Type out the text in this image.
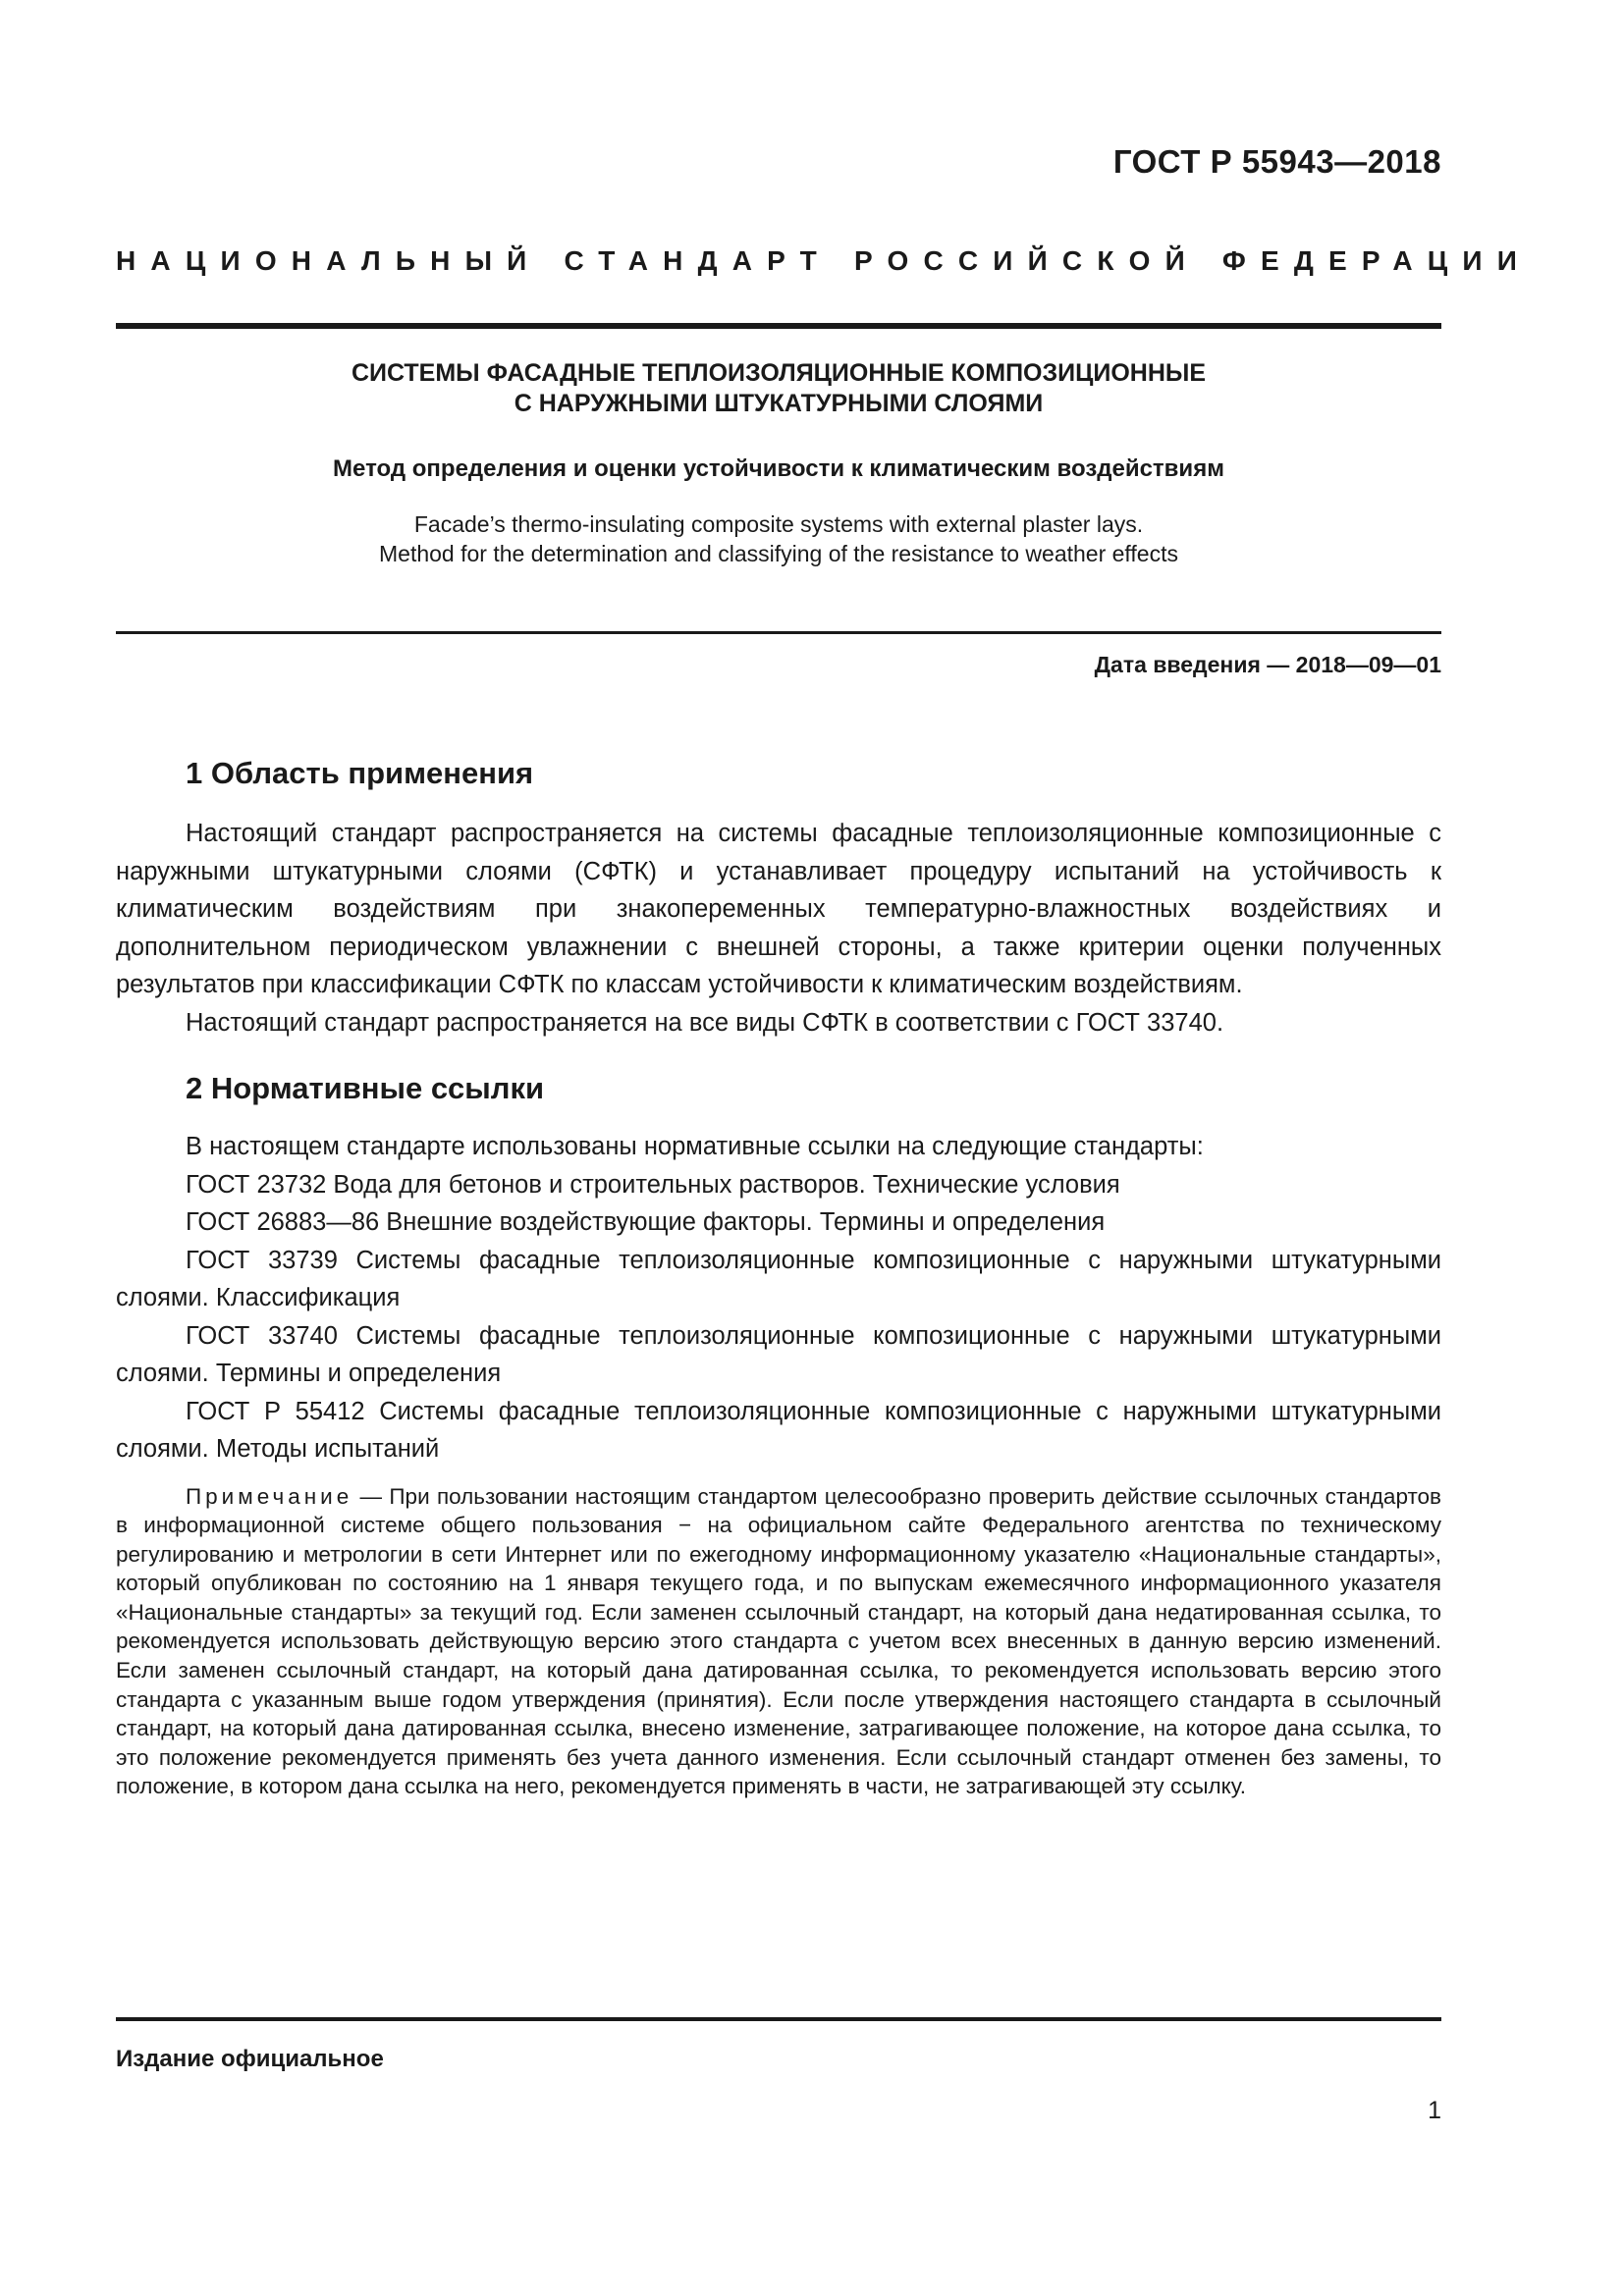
ГОСТ Р 55943—2018
НАЦИОНАЛЬНЫЙ СТАНДАРТ РОССИЙСКОЙ ФЕДЕРАЦИИ

СИСТЕМЫ ФАСАДНЫЕ ТЕПЛОИЗОЛЯЦИОННЫЕ КОМПОЗИЦИОННЫЕ
С НАРУЖНЫМИ ШТУКАТУРНЫМИ СЛОЯМИ

Метод определения и оценки устойчивости к климатическим воздействиям

Facade’s thermo-insulating composite systems with external plaster lays.
Method for the determination and classifying of the resistance to weather effects

Дата введения — 2018—09—01
1 Область применения

Настоящий стандарт распространяется на системы фасадные теплоизоляционные композиционные с наружными штукатурными слоями (СФТК) и устанавливает процедуру испытаний на устойчивость к климатическим воздействиям при знакопеременных температурно-влажностных воздействиях и дополнительном периодическом увлажнении с внешней стороны, а также критерии оценки полученных результатов при классификации СФТК по классам устойчивости к климатическим воздействиям.

Настоящий стандарт распространяется на все виды СФТК в соответствии с ГОСТ 33740.

2 Нормативные ссылки

В настоящем стандарте использованы нормативные ссылки на следующие стандарты:

ГОСТ 23732 Вода для бетонов и строительных растворов. Технические условия

ГОСТ 26883—86 Внешние воздействующие факторы. Термины и определения

ГОСТ 33739 Системы фасадные теплоизоляционные композиционные с наружными штукатурными слоями. Классификация

ГОСТ 33740 Системы фасадные теплоизоляционные композиционные с наружными штукатурными слоями. Термины и определения

ГОСТ Р 55412 Системы фасадные теплоизоляционные композиционные с наружными штукатурными слоями. Методы испытаний

Примечание — При пользовании настоящим стандартом целесообразно проверить действие ссылочных стандартов в информационной системе общего пользования − на официальном сайте Федерального агентства по техническому регулированию и метрологии в сети Интернет или по ежегодному информационному указателю «Национальные стандарты», который опубликован по состоянию на 1 января текущего года, и по выпускам ежемесячного информационного указателя «Национальные стандарты» за текущий год. Если заменен ссылочный стандарт, на который дана недатированная ссылка, то рекомендуется использовать действующую версию этого стандарта с учетом всех внесенных в данную версию изменений. Если заменен ссылочный стандарт, на который дана датированная ссылка, то рекомендуется использовать версию этого стандарта с указанным выше годом утверждения (принятия). Если после утверждения настоящего стандарта в ссылочный стандарт, на который дана датированная ссылка, внесено изменение, затрагивающее положение, на которое дана ссылка, то это положение рекомендуется применять без учета данного изменения. Если ссылочный стандарт отменен без замены, то положение, в котором дана ссылка на него, рекомендуется применять в части, не затрагивающей эту ссылку.

Издание официальное
1
